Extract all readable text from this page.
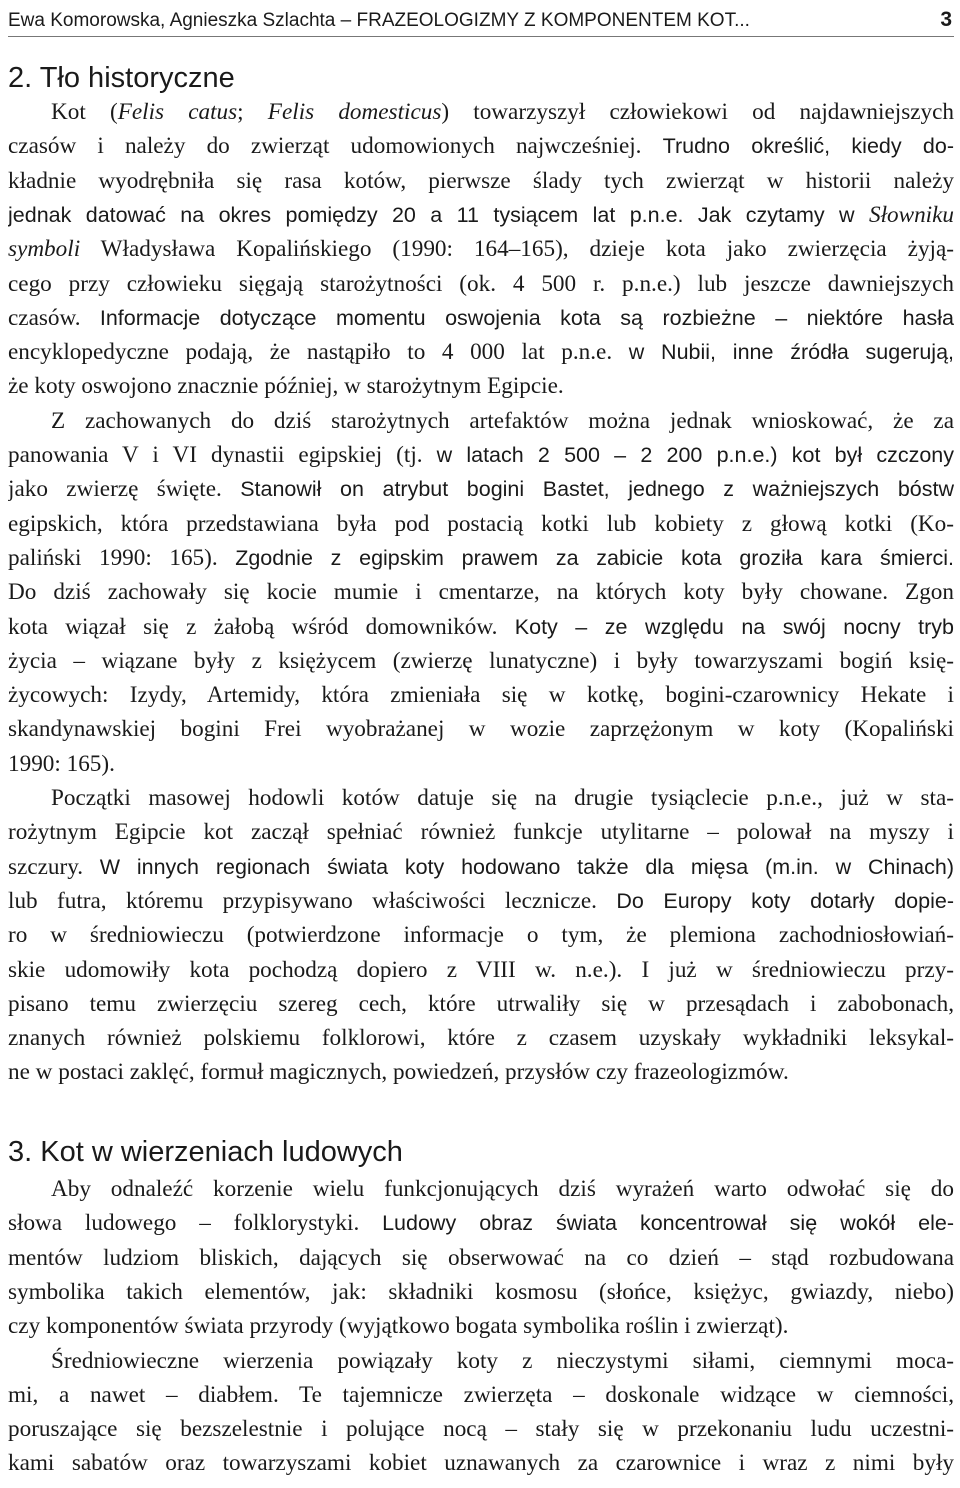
Ewa Komorowska, Agnieszka Szlachta – FRAZEOLOGIZMY Z KOMPONENTEM KOT...	3
2. Tło historyczne
Kot (Felis catus; Felis domesticus) towarzyszył człowiekowi od najdawniejszych
czasów i należy do zwierząt udomowionych najwcześniej. Trudno określić, kiedy do-
kładnie wyodrębniła się rasa kotów, pierwsze ślady tych zwierząt w historii należy
jednak datować na okres pomiędzy 20 a 11 tysiącem lat p.n.e. Jak czytamy w Słowniku
symboli Władysława Kopalińskiego (1990: 164–165), dzieje kota jako zwierzęcia żyją-
cego przy człowieku sięgają starożytności (ok. 4 500 r. p.n.e.) lub jeszcze dawniejszych
czasów. Informacje dotyczące momentu oswojenia kota są rozbieżne – niektóre hasła
encyklopedyczne podają, że nastąpiło to 4 000 lat p.n.e. w Nubii, inne źródła sugerują,
że koty oswojono znacznie później, w starożytnym Egipcie.
Z zachowanych do dziś starożytnych artefaktów można jednak wnioskować, że za
panowania V i VI dynastii egipskiej (tj. w latach 2 500 – 2 200 p.n.e.) kot był czczony
jako zwierzę święte. Stanowił on atrybut bogini Bastet, jednego z ważniejszych bóstw
egipskich, która przedstawiana była pod postacią kotki lub kobiety z głową kotki (Ko-
paliński 1990: 165). Zgodnie z egipskim prawem za zabicie kota groziła kara śmierci.
Do dziś zachowały się kocie mumie i cmentarze, na których koty były chowane. Zgon
kota wiązał się z żałobą wśród domowników. Koty – ze względu na swój nocny tryb
życia – wiązane były z księżycem (zwierzę lunatyczne) i były towarzyszami bogiń księ-
życowych: Izydy, Artemidy, która zmieniała się w kotkę, bogini-czarownicy Hekate i
skandynawskiej bogini Frei wyobrażanej w wozie zaprzężonym w koty (Kopaliński
1990: 165).
Początki masowej hodowli kotów datuje się na drugie tysiąclecie p.n.e., już w sta-
rożytnym Egipcie kot zaczął spełniać również funkcje utylitarne – polował na myszy i
szczury. W innych regionach świata koty hodowano także dla mięsa (m.in. w Chinach)
lub futra, któremu przypisywano właściwości lecznicze. Do Europy koty dotarły dopie-
ro w średniowieczu (potwierdzone informacje o tym, że plemiona zachodniosłowiań-
skie udomowiły kota pochodzą dopiero z VIII w. n.e.). I już w średniowieczu przy-
pisano temu zwierzęciu szereg cech, które utrwaliły się w przesądach i zabobonach,
znanych również polskiemu folklorowi, które z czasem uzyskały wykładniki leksykal-
ne w postaci zaklęć, formuł magicznych, powiedzeń, przysłów czy frazeologizmów.
3. Kot w wierzeniach ludowych
Aby odnaleźć korzenie wielu funkcjonujących dziś wyrażeń warto odwołać się do
słowa ludowego – folklorystyki. Ludowy obraz świata koncentrował się wokół ele-
mentów ludziom bliskich, dających się obserwować na co dzień – stąd rozbudowana
symbolika takich elementów, jak: składniki kosmosu (słońce, księżyc, gwiazdy, niebo)
czy komponentów świata przyrody (wyjątkowo bogata symbolika roślin i zwierząt).
Średniowieczne wierzenia powiązały koty z nieczystymi siłami, ciemnymi moca-
mi, a nawet – diabłem. Te tajemnicze zwierzęta – doskonale widzące w ciemności,
poruszające się bezszelestnie i polujące nocą – stały się w przekonaniu ludu uczestni-
kami sabatów oraz towarzyszami kobiet uznawanych za czarownice i wraz z nimi były
